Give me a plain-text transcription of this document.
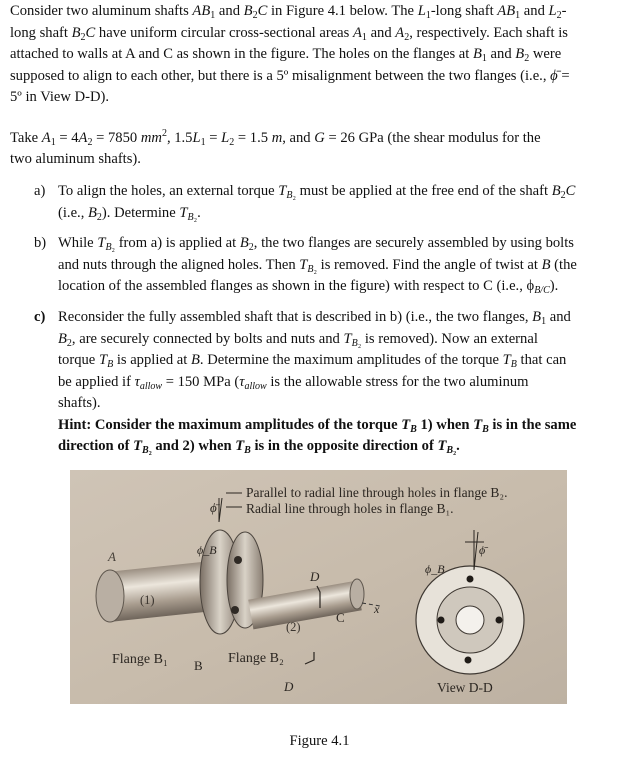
Consider two aluminum shafts $AB_1$ and $B_2C$ in Figure 4.1 below. The $L_1$-long shaft $AB_1$ and $L_2-$
long shaft $B_2C$ have uniform circular cross-sectional areas $A_1$ and $A_2$, respectively. Each shaft is
attached to walls at A and C as shown in the figure. The holes on the flanges at $B_1$ and $B_2$ were
supposed to align to each other, but there is a 5º misalignment between the two flanges (i.e., ϕ̄ =
5º in View D-D).
Take $A_1 = 4A_2 = 7850$ $mm^2$, $1.5L_1 = L_2 = 1.5$ m, and G = 26 GPa (the shear modulus for the
two aluminum shafts).
a) To align the holes, an external torque $T_{B_2}$ must be applied at the free end of the shaft $B_2C$
(i.e., $B_2$). Determine $T_{B_2}$.
b) While $T_{B_2}$ from a) is applied at $B_2$, the two flanges are securely assembled by using bolts
and nuts through the aligned holes. Then $T_{B_2}$ is removed. Find the angle of twist at B (the
location of the assembled flanges as shown in the figure) with respect to C (i.e., $\phi_{B/C}$).
c) Reconsider the fully assembled shaft that is described in b) (i.e., the two flanges, $B_1$ and
$B_2$, are securely connected by bolts and nuts and $T_{B_2}$ is removed). Now an external
torque $T_B$ is applied at B. Determine the maximum amplitudes of the torque $T_B$ that can
be applied if $\tau_{allow} = 150$ MPa ($\tau_{allow}$ is the allowable stress for the two aluminum
shafts).
Hint: Consider the maximum amplitudes of the torque $T_B$ 1) when $T_B$ is in the same
direction of $T_{B_2}$ and 2) when $T_B$ is in the opposite direction of $T_{B_2}$.
Parallel to radial line through holes in flange B₂.
Radial line through holes in flange B₁.
ϕ̄
ϕ_B
ϕ_B
ϕ̄
A
(1)
(2)
Flange B₁	Flange B₂
B
C
x
D
D	View D-D
Figure 4.1
